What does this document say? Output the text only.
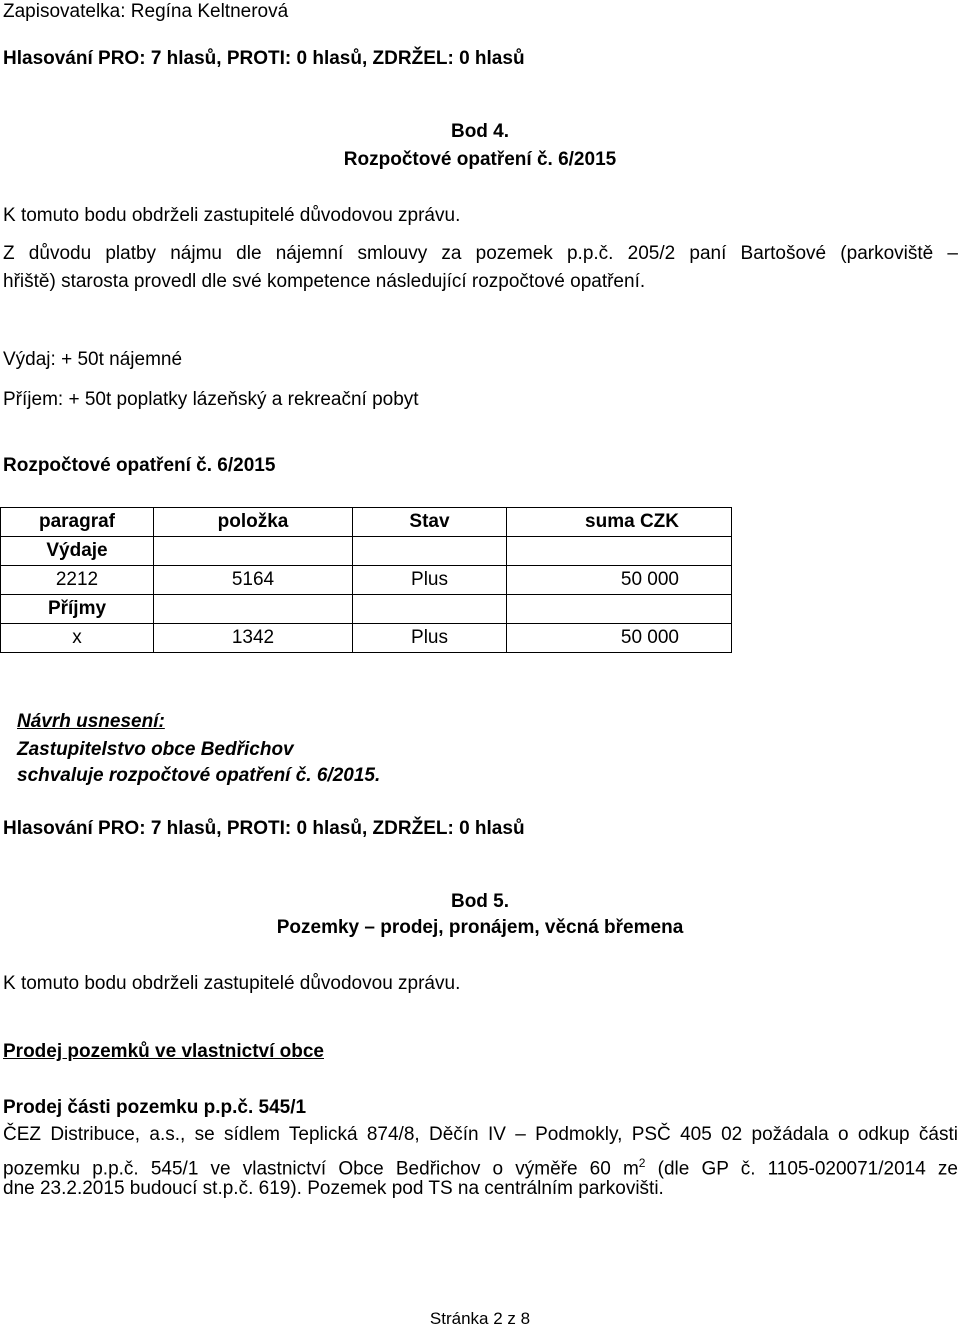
Zapisovatelka: Regína Keltnerová
Hlasování PRO: 7 hlasů, PROTI: 0 hlasů, ZDRŽEL: 0 hlasů
Bod 4.
Rozpočtové opatření č. 6/2015
K tomuto bodu obdrželi zastupitelé důvodovou zprávu.
Z důvodu platby nájmu dle nájemní smlouvy za pozemek p.p.č. 205/2 paní Bartošové (parkoviště –
hřiště) starosta provedl dle své kompetence následující rozpočtové opatření.
Výdaj: + 50t nájemné
Příjem: + 50t poplatky lázeňský a rekreační pobyt
Rozpočtové opatření č. 6/2015
paragraf	položka	Stav	suma CZK
Výdaje			
2212	5164	Plus	50 000
Příjmy			
x	1342	Plus	50 000
Návrh usnesení:
Zastupitelstvo obce Bedřichov
schvaluje rozpočtové opatření č. 6/2015.
Hlasování PRO: 7 hlasů, PROTI: 0 hlasů, ZDRŽEL: 0 hlasů
Bod 5.
Pozemky – prodej, pronájem, věcná břemena
K tomuto bodu obdrželi zastupitelé důvodovou zprávu.
Prodej pozemků ve vlastnictví obce
Prodej části pozemku p.p.č. 545/1
ČEZ Distribuce, a.s., se sídlem Teplická 874/8, Děčín IV – Podmokly, PSČ 405 02 požádala o odkup části
pozemku p.p.č. 545/1 ve vlastnictví Obce Bedřichov o výměře 60 $m^2$ (dle GP č. 1105-020071/2014 ze
dne 23.2.2015 budoucí st.p.č. 619). Pozemek pod TS na centrálním parkovišti.
Stránka 2 z 8
